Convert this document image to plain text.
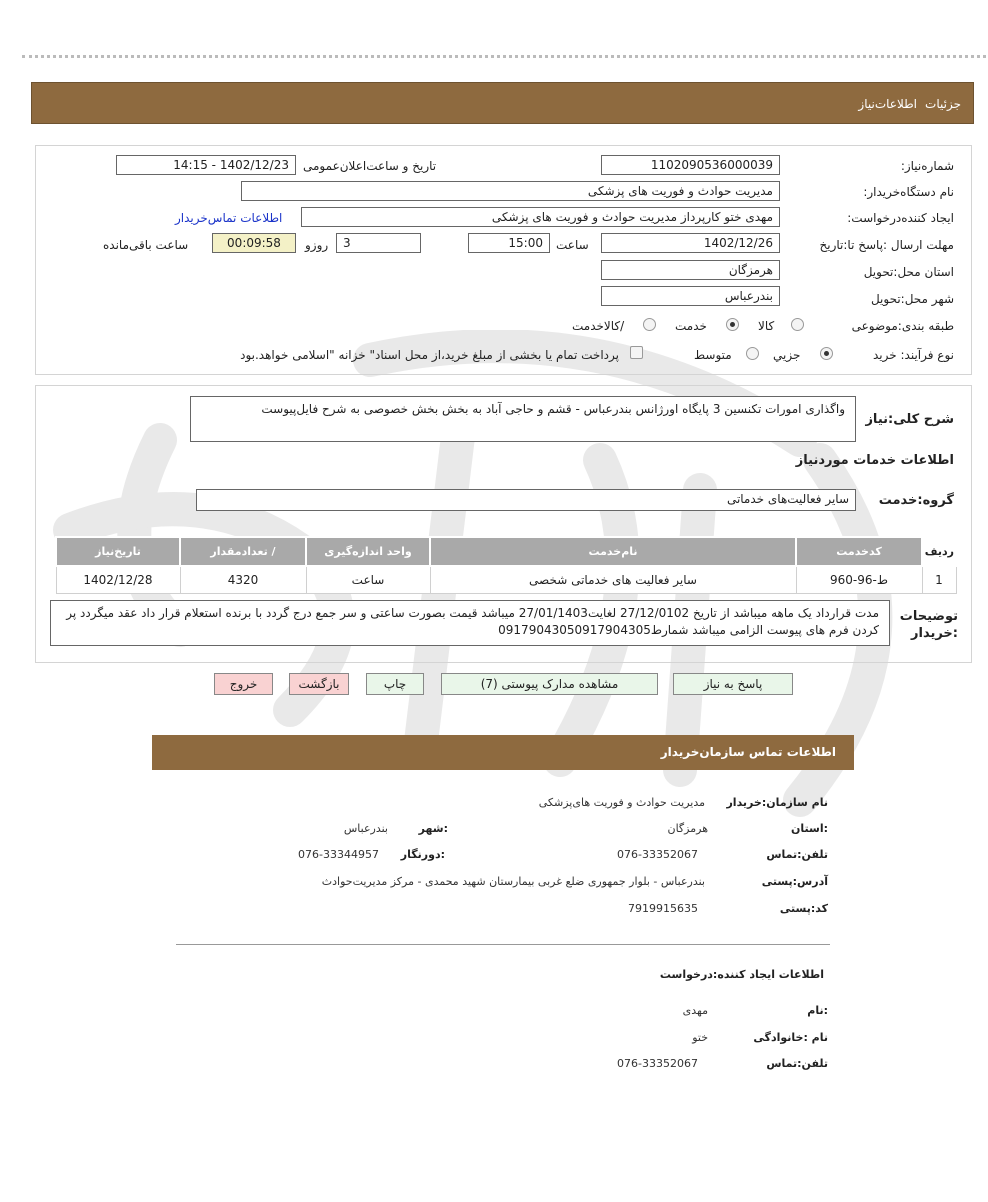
جزئیات
اطلاعات‌نیاز
شماره‌نیاز:
1102090536000039
تاریخ و ساعت‌اعلان‌عمومی
1402/12/23 - 14:15
نام دستگاه‌خریدار:
مدیریت حوادث و فوریت های پزشکی
ایجاد کننده‌درخواست:
مهدی ختو کارپرداز مدیریت حوادث و فوریت های پزشکی
اطلاعات تماس‌خریدار
مهلت ارسال :پاسخ تا:تاریخ
1402/12/26
ساعت
15:00
3
روزو
00:09:58
ساعت باقی‌مانده
استان محل:تحویل
هرمزگان
شهر محل:تحویل
بندرعباس
طبقه بندی:موضوعی
کالا
خدمت
/کالاخدمت
نوع فرآیند: خرید
جزیي
متوسط
پرداخت تمام یا بخشی از مبلغ خرید،از محل اسناد" خزانه "اسلامی خواهد.بود
شرح کلی:نیاز
واگذاری امورات تکنسین 3 پایگاه اورژانس بندرعباس - قشم و حاجی آباد به بخش بخش خصوصی به شرح فایل‌پیوست
اطلاعات خدمات موردنیاز
گروه:خدمت
سایر فعالیت‌های خدماتی
ردیف	کدخدمت	نام‌خدمت	واحد اندازه‌گیری	/ تعدادمقدار	تاریخ‌نیاز
1	ط-96-960	سایر فعالیت های خدماتی شخصی	ساعت	4320	1402/12/28
توضیحات :خریدار
مدت قرارداد یک ماهه میباشد از تاریخ 27/12/0102 لغایت27/01/1403 میباشد قیمت بصورت ساعتی و سر جمع درج گردد با برنده استعلام قرار داد عقد میگردد پر کردن فرم های پیوست الزامی میباشد شمارط09179043050917904305
پاسخ به نیاز
مشاهده مدارک پیوستی (7)
چاپ
بازگشت
خروج
اطلاعات تماس سازمان‌خریدار
نام سازمان:خریدار
مدیریت حوادث و فوریت های‌پزشکی
:استان
هرمزگان
:شهر
بندرعباس
تلفن:تماس
076-33352067
:دورنگار
076-33344957
آدرس:پستی
بندرعباس - بلوار جمهوری ضلع غربی بیمارستان شهید محمدی - مرکز مدیریت‌حوادث
کد:پستی
7919915635
اطلاعات ایجاد کننده:درخواست
:نام
مهدی
نام :خانوادگی
ختو
تلفن:تماس
076-33352067
